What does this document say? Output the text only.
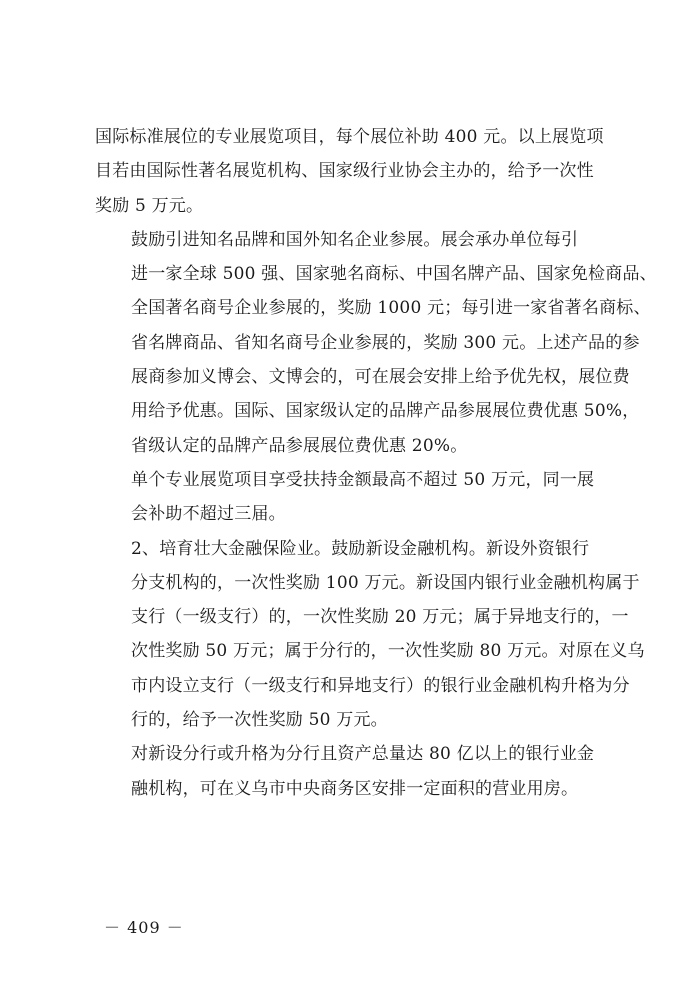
国际标准展位的专业展览项目，每个展位补助 400 元。以上展览项
目若由国际性著名展览机构、国家级行业协会主办的，给予一次性
奖励 5 万元。

鼓励引进知名品牌和国外知名企业参展。展会承办单位每引
进一家全球 500 强、国家驰名商标、中国名牌产品、国家免检商品、
全国著名商号企业参展的，奖励 1000 元；每引进一家省著名商标、
省名牌商品、省知名商号企业参展的，奖励 300 元。上述产品的参
展商参加义博会、文博会的，可在展会安排上给予优先权，展位费
用给予优惠。国际、国家级认定的品牌产品参展展位费优惠 50%，
省级认定的品牌产品参展展位费优惠 20%。

单个专业展览项目享受扶持金额最高不超过 50 万元，同一展
会补助不超过三届。

2、培育壮大金融保险业。鼓励新设金融机构。新设外资银行
分支机构的，一次性奖励 100 万元。新设国内银行业金融机构属于
支行（一级支行）的，一次性奖励 20 万元；属于异地支行的，一
次性奖励 50 万元；属于分行的，一次性奖励 80 万元。对原在义乌
市内设立支行（一级支行和异地支行）的银行业金融机构升格为分
行的，给予一次性奖励 50 万元。

对新设分行或升格为分行且资产总量达 80 亿以上的银行业金
融机构，可在义乌市中央商务区安排一定面积的营业用房。

－ 409 －
